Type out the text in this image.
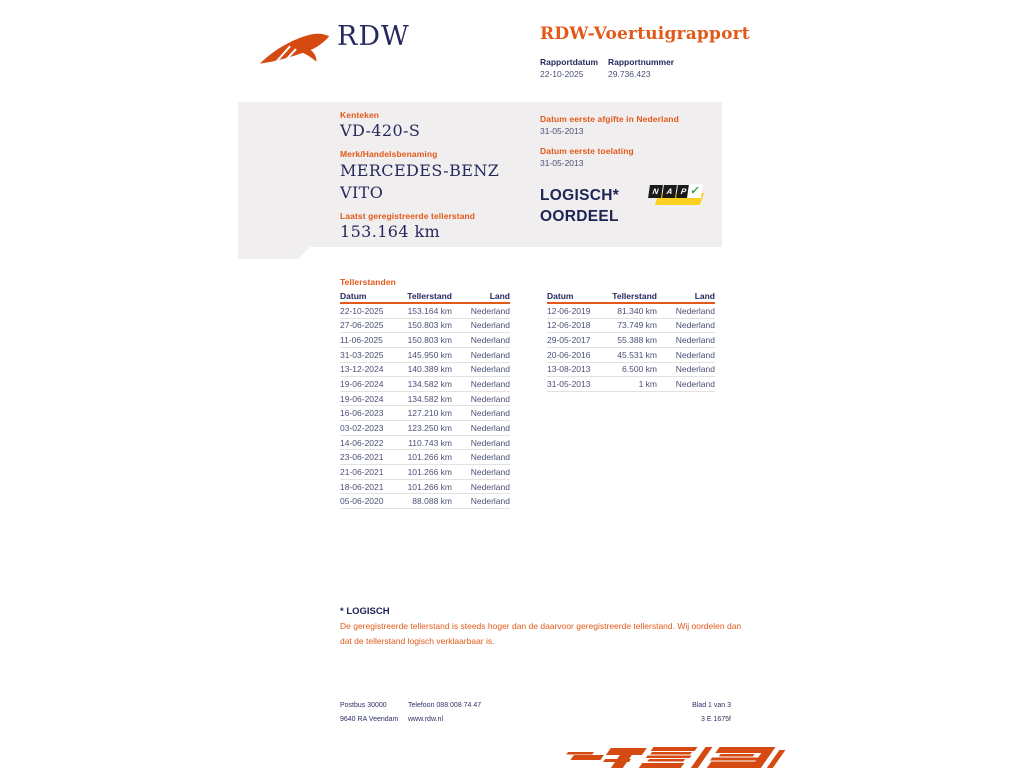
RDW	RDW-Voertuigrapport
Rapportdatum
22-10-2025
Rapportnummer
29.736.423
Kenteken
VD-420-S
Merk/Handelsbenaming
MERCEDES-BENZ
VITO
Laatst geregistreerde tellerstand
153.164 km
Datum eerste afgifte in Nederland
31-05-2013
Datum eerste toelating
31-05-2013
LOGISCH*
OORDEEL
N A P ✓
Tellerstanden
Datum	Tellerstand	Land
22-10-2025	153.164 km	Nederland
27-06-2025	150.803 km	Nederland
11-06-2025	150.803 km	Nederland
31-03-2025	145.950 km	Nederland
13-12-2024	140.389 km	Nederland
19-06-2024	134.582 km	Nederland
19-06-2024	134.582 km	Nederland
16-06-2023	127.210 km	Nederland
03-02-2023	123.250 km	Nederland
14-06-2022	110.743 km	Nederland
23-06-2021	101.266 km	Nederland
21-06-2021	101.266 km	Nederland
18-06-2021	101.266 km	Nederland
05-06-2020	88.088 km	Nederland
Datum	Tellerstand	Land
12-06-2019	81.340 km	Nederland
12-06-2018	73.749 km	Nederland
29-05-2017	55.388 km	Nederland
20-06-2016	45.531 km	Nederland
13-08-2013	6.500 km	Nederland
31-05-2013	1 km	Nederland
* LOGISCH
De geregistreerde tellerstand is steeds hoger dan de daarvoor geregistreerde tellerstand. Wij oordelen dan
dat de tellerstand logisch verklaarbaar is.
Postbus 30000
9640 RA Veendam
Telefoon 088 008 74 47
www.rdw.nl
Blad 1 van 3
3 E 1675f
